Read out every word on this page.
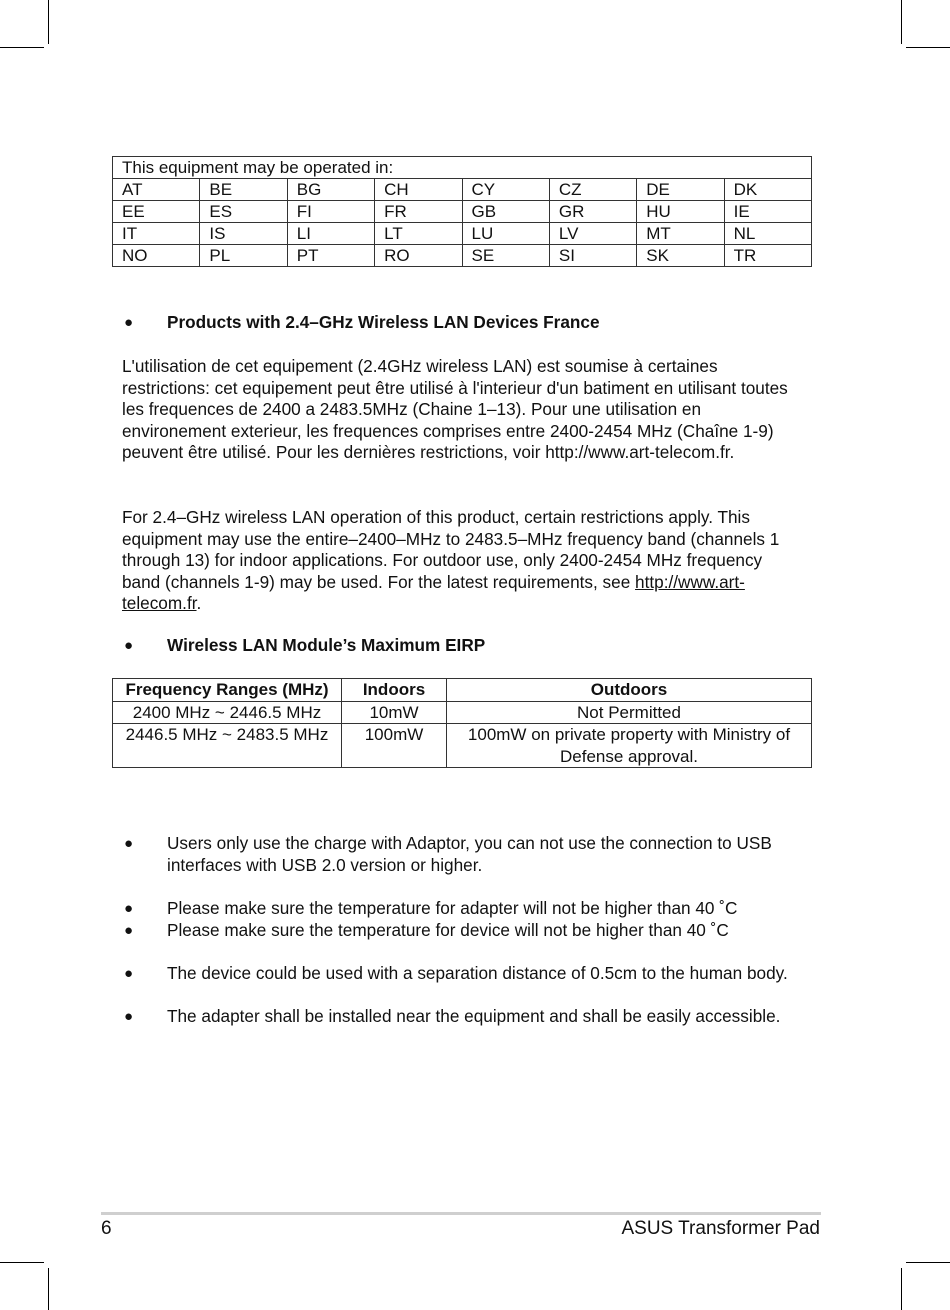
This equipment may be operated in:							
AT	BE	BG	CH	CY	CZ	DE	DK
EE	ES	FI	FR	GB	GR	HU	IE
IT	IS	LI	LT	LU	LV	MT	NL
NO	PL	PT	RO	SE	SI	SK	TR
● Products with 2.4–GHz Wireless LAN Devices France

L'utilisation de cet equipement (2.4GHz wireless LAN) est soumise à certaines restrictions: cet equipement peut être utilisé à l'interieur d'un batiment en utilisant toutes les frequences de 2400 a 2483.5MHz (Chaine 1–13). Pour une utilisation en environement exterieur, les frequences comprises entre 2400-2454 MHz (Chaîne 1-9) peuvent être utilisé. Pour les dernières restrictions, voir http://www.art-telecom.fr.

For 2.4–GHz wireless LAN operation of this product, certain restrictions apply. This equipment may use the entire–2400–MHz to 2483.5–MHz frequency band (channels 1 through 13) for indoor applications. For outdoor use, only 2400-2454 MHz frequency band (channels 1-9) may be used. For the latest requirements, see http://www.art-telecom.fr.

● Wireless LAN Module’s Maximum EIRP
Frequency Ranges (MHz)	Indoors	Outdoors
2400 MHz ~ 2446.5 MHz	10mW	Not Permitted
2446.5 MHz ~ 2483.5 MHz	100mW	100mW on private property with Ministry of Defense approval.
● Users only use the charge with Adaptor, you can not use the connection to USB interfaces with USB 2.0 version or higher.
● Please make sure the temperature for adapter will not be higher than 40 ˚C
● Please make sure the temperature for device will not be higher than 40 ˚C
● The device could be used with a separation distance of 0.5cm to the human body.
● The adapter shall be installed near the equipment and shall be easily accessible.
6	ASUS Transformer Pad
